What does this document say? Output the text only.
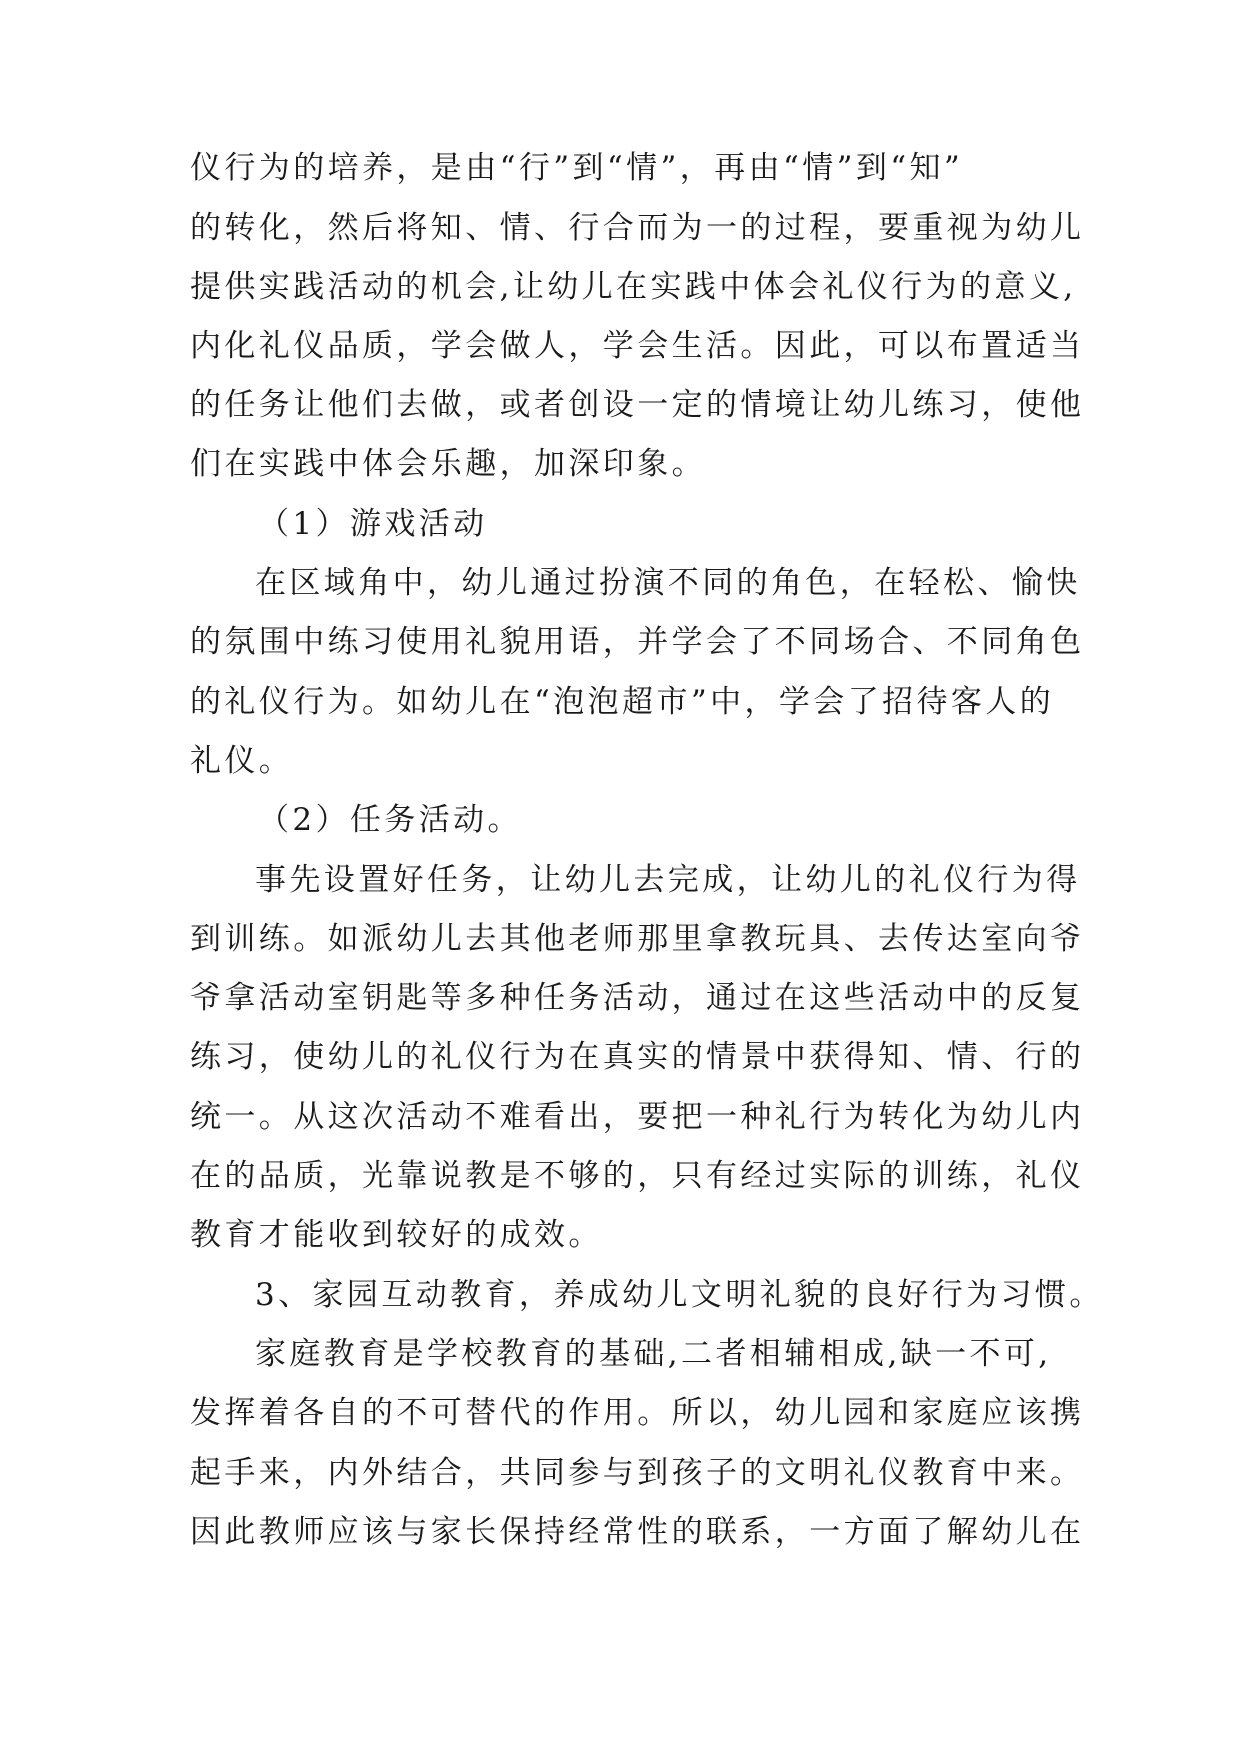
仪行为的培养，是由“行”到“情”，再由“情”到“知”
的转化，然后将知、情、行合而为一的过程，要重视为幼儿
提供实践活动的机会,让幼儿在实践中体会礼仪行为的意义,
内化礼仪品质，学会做人，学会生活。因此，可以布置适当
的任务让他们去做，或者创设一定的情境让幼儿练习，使他
们在实践中体会乐趣，加深印象。
（1）游戏活动
在区域角中，幼儿通过扮演不同的角色，在轻松、愉快
的氛围中练习使用礼貌用语，并学会了不同场合、不同角色
的礼仪行为。如幼儿在“泡泡超市”中，学会了招待客人的
礼仪。
（2）任务活动。
事先设置好任务，让幼儿去完成，让幼儿的礼仪行为得
到训练。如派幼儿去其他老师那里拿教玩具、去传达室向爷
爷拿活动室钥匙等多种任务活动，通过在这些活动中的反复
练习，使幼儿的礼仪行为在真实的情景中获得知、情、行的
统一。从这次活动不难看出，要把一种礼行为转化为幼儿内
在的品质，光靠说教是不够的，只有经过实际的训练，礼仪
教育才能收到较好的成效。
3、家园互动教育，养成幼儿文明礼貌的良好行为习惯。
家庭教育是学校教育的基础,二者相辅相成,缺一不可,
发挥着各自的不可替代的作用。所以，幼儿园和家庭应该携
起手来，内外结合，共同参与到孩子的文明礼仪教育中来。
因此教师应该与家长保持经常性的联系，一方面了解幼儿在
